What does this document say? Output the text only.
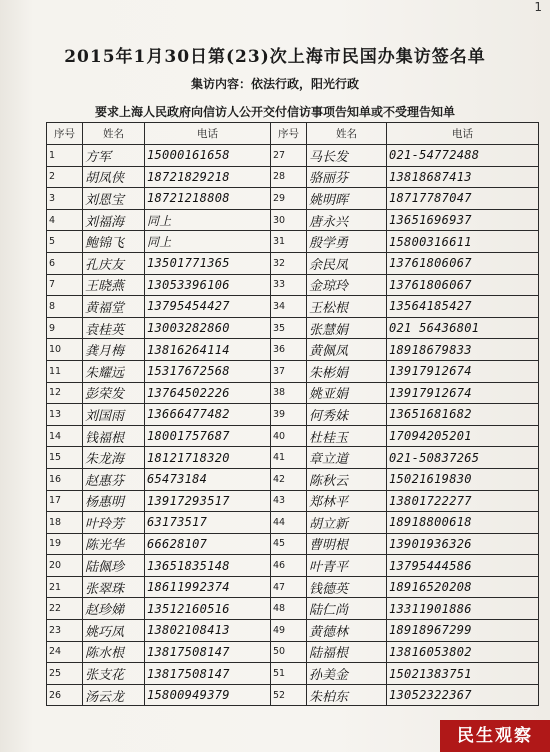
1
2015年1月30日第(23)次上海市民国办集访签名单
集访内容：依法行政，阳光行政
要求上海人民政府向信访人公开交付信访事项告知单或不受理告知单
序号	姓名	电话	序号	姓名	电话
1	方军	15000161658	27	马长发	021-54772488
2	胡凤侠	18721829218	28	骆丽芬	13818687413
3	刘恩宝	18721218808	29	姚明晖	18717787047
4	刘福海	同上	30	唐永兴	13651696937
5	鲍锦飞	同上	31	殷学勇	15800316611
6	孔庆友	13501771365	32	余民凤	13761806067
7	王晓燕	13053396106	33	金琼玲	13761806067
8	黄福堂	13795454427	34	王松根	13564185427
9	袁桂英	13003282860	35	张慧娟	021 56436801
10	龚月梅	13816264114	36	黄佩凤	18918679833
11	朱耀远	15317672568	37	朱彬娟	13917912674
12	彭荣发	13764502226	38	姚亚娟	13917912674
13	刘国雨	13666477482	39	何秀妹	13651681682
14	钱福根	18001757687	40	杜桂玉	17094205201
15	朱龙海	18121718320	41	章立道	021-50837265
16	赵惠芬	65473184	42	陈秋云	15021619830
17	杨惠明	13917293517	43	郑林平	13801722277
18	叶玲芳	63173517	44	胡立新	18918800618
19	陈光华	66628107	45	曹明根	13901936326
20	陆佩珍	13651835148	46	叶青平	13795444586
21	张翠珠	18611992374	47	钱德英	18916520208
22	赵珍娣	13512160516	48	陆仁尚	13311901886
23	姚巧凤	13802108413	49	黄德林	18918967299
24	陈水根	13817508147	50	陆福根	13816053802
25	张支花	13817508147	51	孙美金	15021383751
26	汤云龙	15800949379	52	朱柏东	13052322367
民生观察
